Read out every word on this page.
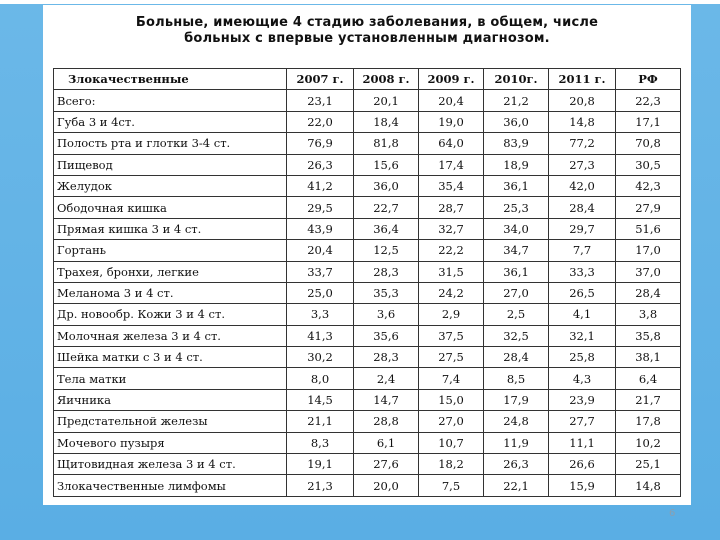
Больные, имеющие 4 стадию заболевания, в общем, числе
больных с впервые установленным диагнозом.
Злокачественные	2007 г.	2008 г.	2009 г.	2010г.	2011 г.	РФ
Всего:	23,1	20,1	20,4	21,2	20,8	22,3
Губа 3 и 4ст.	22,0	18,4	19,0	36,0	14,8	17,1
Полость рта и глотки 3-4 ст.	76,9	81,8	64,0	83,9	77,2	70,8
Пищевод	26,3	15,6	17,4	18,9	27,3	30,5
Желудок	41,2	36,0	35,4	36,1	42,0	42,3
Ободочная кишка	29,5	22,7	28,7	25,3	28,4	27,9
Прямая кишка 3 и 4 ст.	43,9	36,4	32,7	34,0	29,7	51,6
Гортань	20,4	12,5	22,2	34,7	7,7	17,0
Трахея, бронхи, легкие	33,7	28,3	31,5	36,1	33,3	37,0
Меланома 3 и 4 ст.	25,0	35,3	24,2	27,0	26,5	28,4
Др. новообр. Кожи 3 и 4 ст.	3,3	3,6	2,9	2,5	4,1	3,8
Молочная железа 3 и 4 ст.	41,3	35,6	37,5	32,5	32,1	35,8
Шейка матки с 3 и 4 ст.	30,2	28,3	27,5	28,4	25,8	38,1
Тела матки	8,0	2,4	7,4	8,5	4,3	6,4
Яичника	14,5	14,7	15,0	17,9	23,9	21,7
Предстательной железы	21,1	28,8	27,0	24,8	27,7	17,8
Мочевого пузыря	8,3	6,1	10,7	11,9	11,1	10,2
Щитовидная железа 3 и 4 ст.	19,1	27,6	18,2	26,3	26,6	25,1
Злокачественные лимфомы	21,3	20,0	7,5	22,1	15,9	14,8
6
